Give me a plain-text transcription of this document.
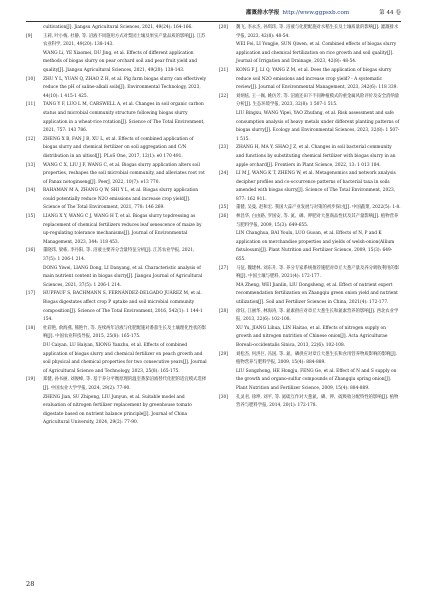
灌溉排水学报 http://www.ggpsxb.com	第 44 卷
cultivation[J]. Jiangsu Agricultural Sciences, 2021, 49(24): 164-166.
[9]	王莉, 叶小梅, 杜静, 等. 沼液不同施用方式对梨园土壤及果实产量品质的影响[J]. 江苏农业科学, 2021, 49(20): 138-143.
WANG Li, YE Xiaomei, DU Jing, et al. Effects of different application methods of biogas slurry on pear orchard soil and pear fruit yield and quality[J]. Jiangsu Agricultural Sciences, 2021, 49(20): 138-143.
[10]	ZHU Y L, YUAN Q, ZHAO Z H, et al. Pig farm biogas slurry can effectively reduce the pH of saline-alkali soils[J]. Environmental Technology, 2023, 44(10): 1 415-1 425.
[11]	TANG Y F, LUO L M, CARSWELL A, et al. Changes in soil organic carbon status and microbial community structure following biogas slurry application in a wheat-rice rotation[J]. Science of The Total Environment, 2021, 757: 143 786.
[12]	ZHENG X B, FAN J B, XU L, et al. Effects of combined application of biogas slurry and chemical fertilizer on soil aggregation and C/N distribution in an ultisol[J]. PLoS One, 2017, 12(1): e0 170 491.
[13]	WANG C X, LIU J F, WANG C, et al. Biogas slurry application alters soil properties, reshapes the soil microbial community, and alleviates root rot of Panax notoginseng[J]. PeerJ, 2022, 10(7): e13 770.
[14]	RAHAMAN M A, ZHANG Q W, SHI Y L, et al. Biogas slurry application could potentially reduce N2O emissions and increase crop yield[J]. Science of The Total Environment, 2021, 778: 146 269.
[15]	LIANG X Y, WANG C J, WANG H T, et al. Biogas slurry topdressing as replacement of chemical fertilizers reduces leaf senescence of maize by up-regulating tolerance mechanisms[J]. Journal of Environmental Management, 2023, 344: 118 453.
[16]	董晓玮, 梁栋, 李丹阳, 等. 沼液主要养分含量特征分析[J]. 江苏农业学报, 2021, 37(5): 1 206-1 214.
DONG Yiwei, LIANG Dong, LI Danyang, et al. Characteristic analysis of main nutrient content in biogas slurry[J]. Jiangsu Journal of Agricultural Sciences, 2021, 37(5): 1 206-1 214.
[17]	HUPFAUF S, BACHMANN S, FERNÁNDEZ-DELGADO JUÁREZ M, et al. Biogas digestates affect crop P uptake and soil microbial community composition[J]. Science of The Total Environment, 2016, 542(1): 1 144-1 154.
[18]	杜彩艳, 俞海燕, 熊艳竹, 等. 连续两年沼液与化肥配施对番茄生长及土壤理化性状的影响[J]. 中国农业科技导报, 2015, 25(8): 165-175.
DU Caiyan, LU Haiyan, XIONG Yanzhu, et al. Effects of combined application of biogas slurry and chemical fertilizer on peach growth and soil physical and chemical properties for two consecutive years[J]. Journal of Agricultural Science and Technology, 2023, 25(8): 165-175.
[19]	郑健, 孙书丽, 刘俊峰, 等. 基于养分平衡原理的温室番茄沼液替代化肥的适宜模式选择[J]. 中国农业大学学报, 2024, 29(2): 77-90.
ZHENG Jian, SU Zhipeng, LIU Junyun, et al. Suitable model and evaluation of nitrogen fertilizer replacement by greenhouse tomato digestate based on nutrient balance principle[J]. Journal of China Agricultural University, 2024, 29(2): 77-90.
[20]	魏飞, 李永杰, 孙琪玮, 等. 沼液与化肥配施对水稻生长及土壤质量的影响[J]. 灌溉排水学报, 2023, 42(8): 48-54.
WEI Fei, LI Yongjie, SUN Qiwen, et al. Combined effects of biogas slurry application and chemical fertilization on rice growth and soil quality[J]. Journal of Irrigation and Drainage, 2023, 42(8): 48-54.
[21]	KONG F J, LI Q, YANG Z M, et al. Does the application of biogas slurry reduce soil N2O emissions and increase crop yield? - A systematic review[J]. Journal of Environmental Management, 2023, 342(6): 118 339.
[22]	刘炳炫, 王一佩, 姚仿芳, 等. 沼液还田下不同种植模式的重金属风险评价及安全消纳量分析[J]. 生态环境学报, 2023, 32(8): 1 507-1 515.
LIU Bingxu, WANG Yipei, YAO Zhufang, et al. Risk assessment and safe consumption analysis of heavy metals under different planting patterns of biogas slurry[J]. Ecology and Environmental Sciences, 2023, 32(8): 1 507-1 515.
[23]	ZHANG H, MA Y, SHAO J Z, et al. Changes in soil bacterial community and functions by substituting chemical fertilizer with biogas slurry in an apple orchard[J]. Frontiers in Plant Science, 2022, 13: 1 013 184.
[24]	LI M J, WANG K T, ZHENG W, et al. Metagenomics and network analysis decipher profiles and co-occurrence patterns of bacterial taxa in soils amended with biogas slurry[J]. Science of The Total Environment, 2023, 877: 162 911.
[25]	董健, 吴曼, 赵和宏. 我国大蒜产业发展与对策的初步探讨[J]. 中国蔬菜, 2022(5): 1-8.
[26]	林昌华, 白由路, 罗国安, 等. 氮、磷、钾肥对大葱商品性状及其产量影响[J]. 植物营养与肥料学报, 2009, 15(3): 649-655.
LIN Changhua, BAI Youlu, LUO Guoan, et al. Effects of N, P and K application on merchandise properties and yields of welsh-onion(Allium fistulosum)[J]. Plant Nutrition and Fertilizer Science, 2009, 15(3): 649-655.
[27]	马征, 魏建林, 刘东升, 等. 养分专家系统推荐施肥对章丘大葱产量及养分吸收利用的影响[J]. 中国土壤与肥料, 2021(4): 172-177.
MA Zheng, WEI Jianlin, LIU Dongsheng, et al. Effect of nutrient expert recommendation fertilization on Zhangqiu green onion yield and nutrient utilization[J]. Soil and Fertilizer Sciences in China, 2021(4): 172-177.
[28]	徐钰, 江丽华, 林海涛, 等. 氮素供应对章丘大葱生长和氮素营养的影响[J]. 西北农业学报, 2013, 22(6): 102-108.
XU Yu, JIANG Lihua, LIN Haitao, et al. Effects of nitrogen supply on growth and nitrogen nutrition of Chinese onion[J]. Acta Agriculturae Boreali-occidentalis Sinica, 2013, 22(6): 102-108.
[29]	刘松杰, 何洪巨, 冯国, 等. 氮、磷供应对章丘大葱生长和食用营养物质影响的影响[J]. 植物营养与肥料学报, 2009, 15(4): 884-889.
LIU Songzhong, HE Hongju, FENG Ge, et al. Effect of N and S supply on the growth and organo-sulfur compounds of Zhangqiu spring onion[J]. Plant Nutrition and Fertilizer Science, 2009, 15(4): 884-889.
[30]	孔灵君, 徐坤, 刘平, 等. 氮硫互作对大葱氮、磷、钾、硫吸收分配特性的影响[J]. 植物营养与肥料学报, 2014, 20(1): 172-178.
28
